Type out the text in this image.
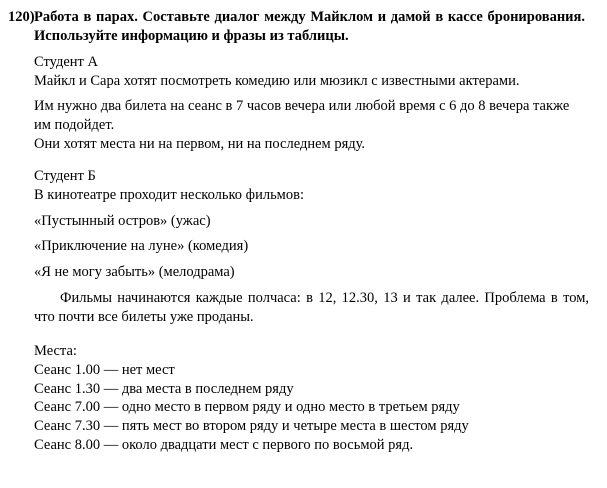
120) Работа в парах. Составьте диалог между Майклом и дамой в кассе бронирования. Используйте информацию и фразы из таблицы.

Студент А

Майкл и Сара хотят посмотреть комедию или мюзикл с известными актерами.

Им нужно два билета на сеанс в 7 часов вечера или любой время с 6 до 8 вечера также

им подойдет.

Они хотят места ни на первом, ни на последнем ряду.

Студент Б

В кинотеатре проходит несколько фильмов:

«Пустынный остров» (ужас)

«Приключение на луне» (комедия)

«Я не могу забыть» (мелодрама)

Фильмы начинаются каждые полчаса: в 12, 12.30, 13 и так далее. Проблема в том, что почти все билеты уже проданы.

Места:

Сеанс 1.00 — нет мест

Сеанс 1.30 — два места в последнем ряду

Сеанс 7.00 — одно место в первом ряду и одно место в третьем ряду

Сеанс 7.30 — пять мест во втором ряду и четыре места в шестом ряду

Сеанс 8.00 — около двадцати мест с первого по восьмой ряд.
